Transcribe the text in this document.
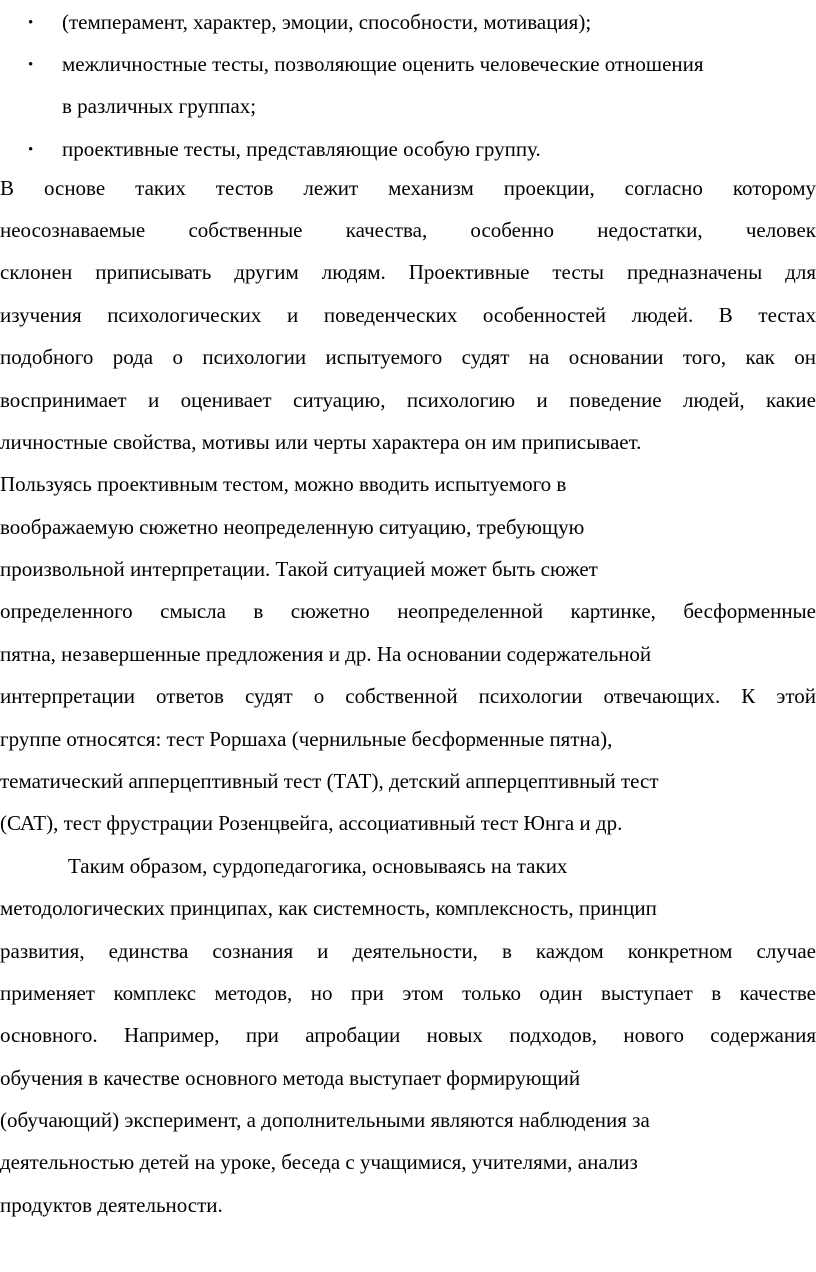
• (темперамент, характер, эмоции, способности, мотивация);
• межличностные тесты, позволяющие оценить человеческие отношения
в различных группах;
• проективные тесты, представляющие особую группу.
В основе таких тестов лежит механизм проекции, согласно которому
неосознаваемые собственные качества, особенно недостатки, человек
склонен приписывать другим людям. Проективные тесты предназначены для
изучения психологических и поведенческих особенностей людей. В тестах
подобного рода о психологии испытуемого судят на основании того, как он
воспринимает и оценивает ситуацию, психологию и поведение людей, какие
личностные свойства, мотивы или черты характера он им приписывает.
Пользуясь проективным тестом, можно вводить испытуемого в
воображаемую сюжетно неопределенную ситуацию, требующую
произвольной интерпретации. Такой ситуацией может быть сюжет
определенного смысла в сюжетно неопределенной картинке, бесформенные
пятна, незавершенные предложения и др. На основании содержательной
интерпретации ответов судят о собственной психологии отвечающих. К этой
группе относятся: тест Роршаха (чернильные бесформенные пятна),
тематический апперцептивный тест (ТАТ), детский апперцептивный тест
(САТ), тест фрустрации Розенцвейга, ассоциативный тест Юнга и др.
Таким образом, сурдопедагогика, основываясь на таких
методологических принципах, как системность, комплексность, принцип
развития, единства сознания и деятельности, в каждом конкретном случае
применяет комплекс методов, но при этом только один выступает в качестве
основного. Например, при апробации новых подходов, нового содержания
обучения в качестве основного метода выступает формирующий
(обучающий) эксперимент, а дополнительными являются наблюдения за
деятельностью детей на уроке, беседа с учащимися, учителями, анализ
продуктов деятельности.
